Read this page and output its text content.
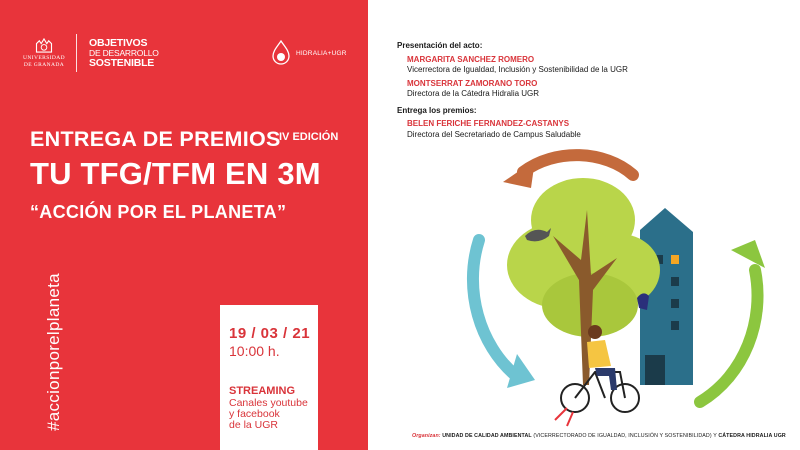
UNIVERSIDAD
DE GRANADA
OBJETIVOS
DE DESARROLLO
SOSTENIBLE
HIDRALIA+UGR
ENTREGA DE PREMIOS
IV EDICIÓN
TU TFG/TFM EN 3M
“ACCIÓN POR EL PLANETA”
#accionporelplaneta	19 / 03 / 21
10:00 h.
STREAMING
Canales youtube
y facebook
de la UGR
Presentación del acto:
MARGARITA SANCHEZ ROMERO
Vicerrectora de Igualdad, Inclusión y Sostenibilidad de la UGR
MONTSERRAT ZAMORANO TORO
Directora de la Cátedra Hidralia UGR
Entrega los premios:
BELEN FERICHE FERNANDEZ-CASTANYS
Directora del Secretariado de Campus Saludable
Organizan: UNIDAD DE CALIDAD AMBIENTAL (VICERRECTORADO DE IGUALDAD, INCLUSIÓN Y SOSTENIBILIDAD) Y CÁTEDRA HIDRALIA UGR
